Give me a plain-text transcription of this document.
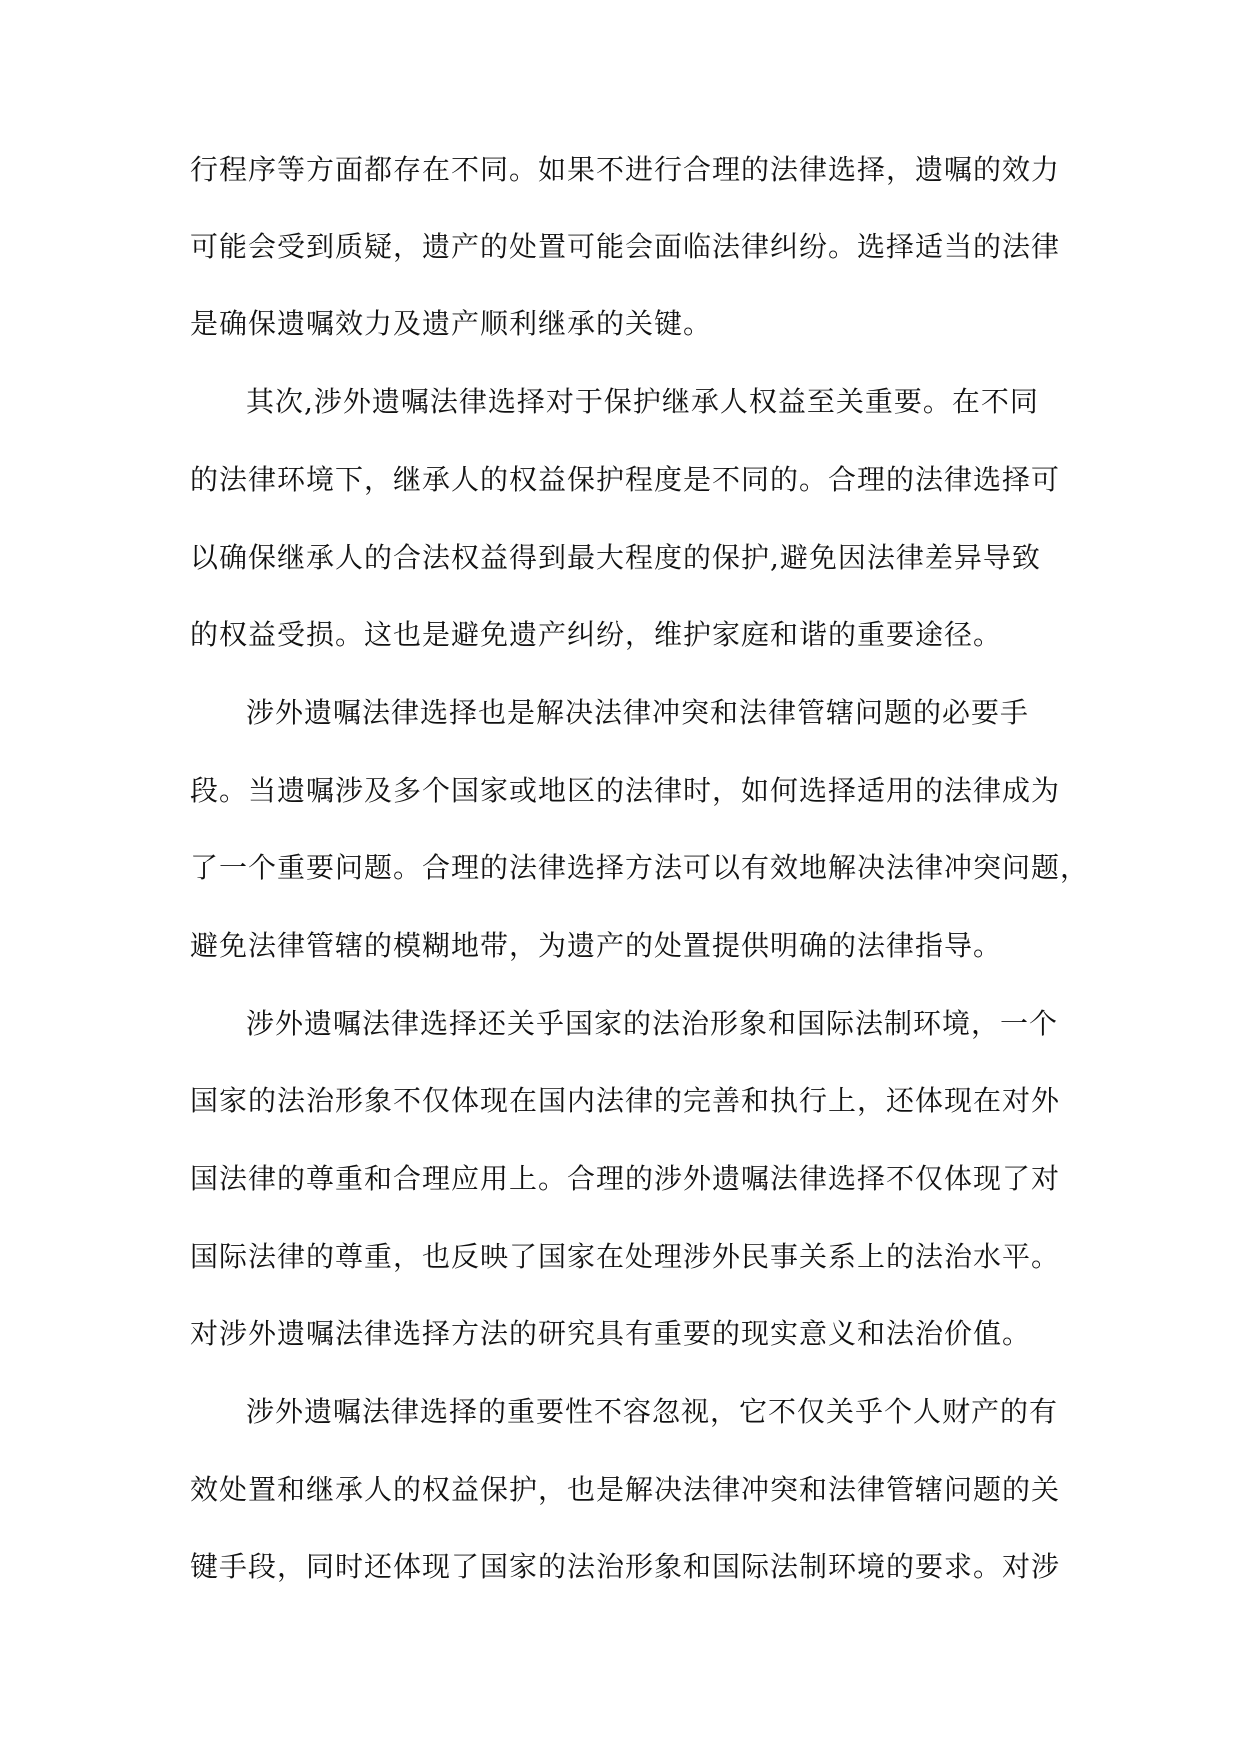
行程序等方面都存在不同。如果不进行合理的法律选择，遗嘱的效力
可能会受到质疑，遗产的处置可能会面临法律纠纷。选择适当的法律
是确保遗嘱效力及遗产顺利继承的关键。
其次,涉外遗嘱法律选择对于保护继承人权益至关重要。在不同
的法律环境下，继承人的权益保护程度是不同的。合理的法律选择可
以确保继承人的合法权益得到最大程度的保护,避免因法律差异导致
的权益受损。这也是避免遗产纠纷，维护家庭和谐的重要途径。
涉外遗嘱法律选择也是解决法律冲突和法律管辖问题的必要手
段。当遗嘱涉及多个国家或地区的法律时，如何选择适用的法律成为
了一个重要问题。合理的法律选择方法可以有效地解决法律冲突问题，
避免法律管辖的模糊地带，为遗产的处置提供明确的法律指导。
涉外遗嘱法律选择还关乎国家的法治形象和国际法制环境，一个
国家的法治形象不仅体现在国内法律的完善和执行上，还体现在对外
国法律的尊重和合理应用上。合理的涉外遗嘱法律选择不仅体现了对
国际法律的尊重，也反映了国家在处理涉外民事关系上的法治水平。
对涉外遗嘱法律选择方法的研究具有重要的现实意义和法治价值。
涉外遗嘱法律选择的重要性不容忽视，它不仅关乎个人财产的有
效处置和继承人的权益保护，也是解决法律冲突和法律管辖问题的关
键手段，同时还体现了国家的法治形象和国际法制环境的要求。对涉
